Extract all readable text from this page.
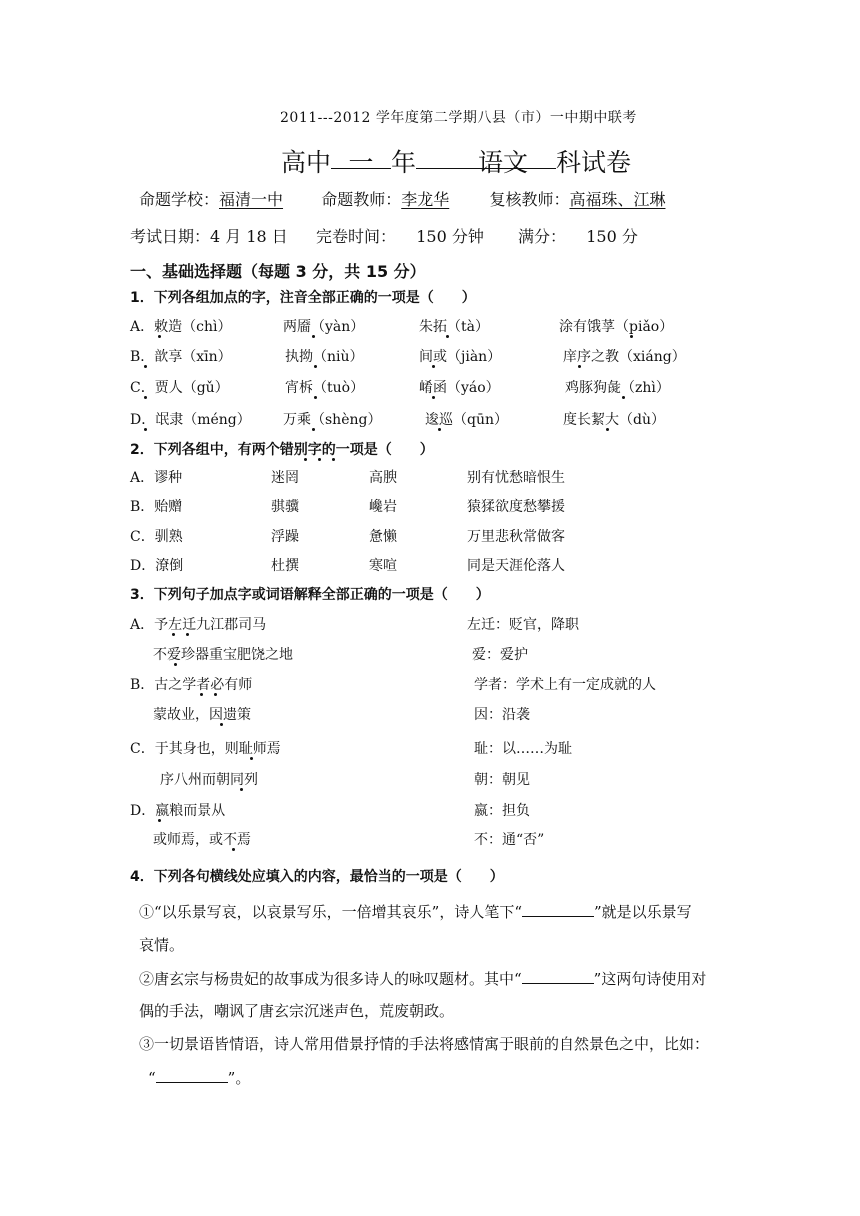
2011---2012 学年度第二学期八县（市）一中期中联考
高中 一 年 语文 科试卷
命题学校：福清一中 命题教师：李龙华	复核教师：高福珠、江琳
考试日期：4 月 18 日 完卷时间： 150 分钟 满分： 150 分
一、基础选择题（每题 3 分，共 15 分）
1．下列各组加点的字，注音全部正确的一项是（　　）
A．敕造（chì）	两靥（yàn）	朱拓（tà）	涂有饿莩（piǎo）
B．歆享（xīn）	执拗（niù）	间或（jiàn）	庠序之教（xiáng）
C．贾人（gǔ）	宵柝（tuò）	崤函（yáo）	鸡豚狗彘（zhì）
D．氓隶（méng） 万乘（shèng）	逡巡（qūn）	度长絜大（dù）
2．下列各组中，有两个错别字的一项是（　　）
A．谬种	迷罔	高腴	别有忧愁暗恨生
B．贻赠	骐骥	巉岩	猿猱欲度愁攀援
C．驯熟	浮躁	惫懒	万里悲秋常做客
D．潦倒	杜撰	寒喧	同是天涯伦落人
3．下列句子加点字或词语解释全部正确的一项是（　　）
A．予左迁九江郡司马	左迁：贬官，降职
不爱珍器重宝肥饶之地	爱：爱护
B．古之学者必有师	学者：学术上有一定成就的人
蒙故业，因遗策	因：沿袭
C．于其身也，则耻师焉	耻：以……为耻
序八州而朝同列	朝：朝见
D．嬴粮而景从	嬴：担负
或师焉，或不焉	不：通“否”
4．下列各句横线处应填入的内容，最恰当的一项是（　　）
①“以乐景写哀，以哀景写乐，一倍增其哀乐”，诗人笔下“	”就是以乐景写
哀情。
②唐玄宗与杨贵妃的故事成为很多诗人的咏叹题材。其中“	”这两句诗使用对
偶的手法，嘲讽了唐玄宗沉迷声色，荒废朝政。
③一切景语皆情语，诗人常用借景抒情的手法将感情寓于眼前的自然景色之中，比如：
“	”。
